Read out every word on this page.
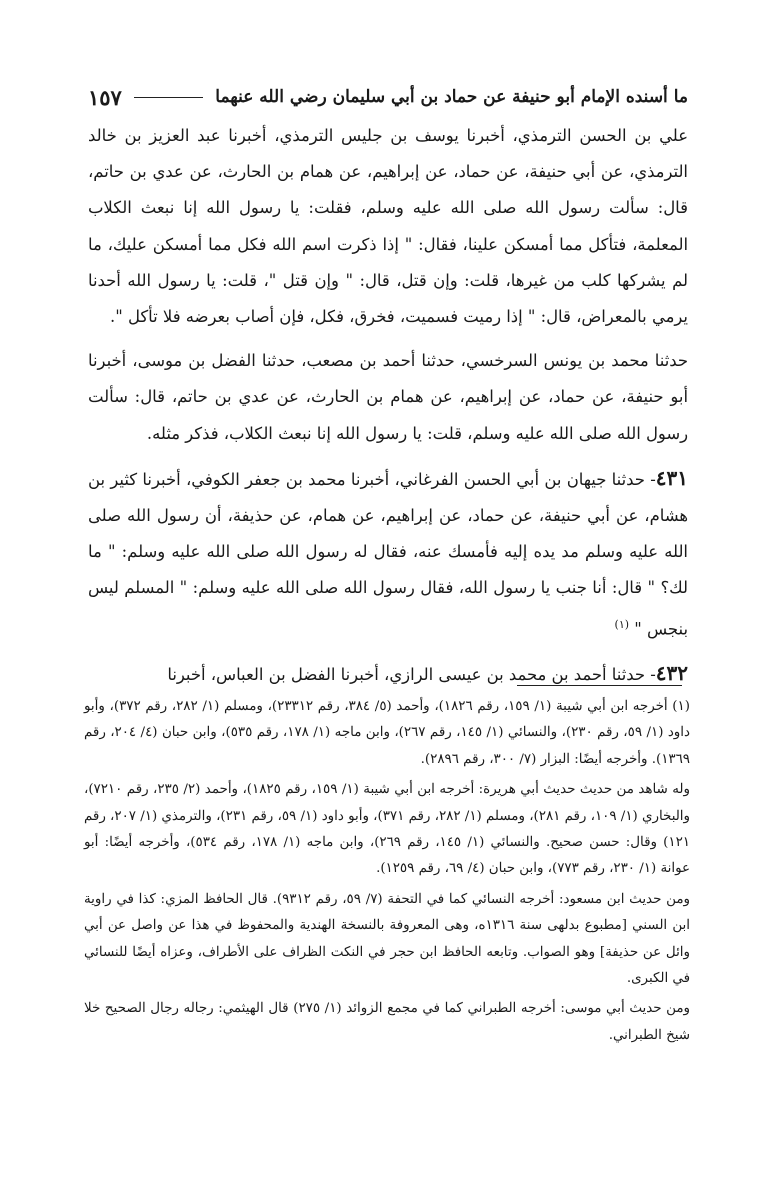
ما أسنده الإمام أبو حنيفة عن حماد بن أبي سليمان رضي الله عنهما
١٥٧

علي بن الحسن الترمذي، أخبرنا يوسف بن جليس الترمذي، أخبرنا عبد العزيز بن خالد الترمذي، عن أبي حنيفة، عن حماد، عن إبراهيم، عن همام بن الحارث، عن عدي بن حاتم، قال: سألت رسول الله صلى الله عليه وسلم، فقلت: يا رسول الله إنا نبعث الكلاب المعلمة، فتأكل مما أمسكن علينا، فقال: " إذا ذكرت اسم الله فكل مما أمسكن عليك، ما لم يشركها كلب من غيرها، قلت: وإن قتل، قال: " وإن قتل "، قلت: يا رسول الله أحدنا يرمي بالمعراض، قال: " إذا رميت فسميت، فخرق، فكل، فإن أصاب بعرضه فلا تأكل ".

حدثنا محمد بن يونس السرخسي، حدثنا أحمد بن مصعب، حدثنا الفضل بن موسى، أخبرنا أبو حنيفة، عن حماد، عن إبراهيم، عن همام بن الحارث، عن عدي بن حاتم، قال: سألت رسول الله صلى الله عليه وسلم، قلت: يا رسول الله إنا نبعث الكلاب، فذكر مثله.

٤٣١- حدثنا جيهان بن أبي الحسن الفرغاني، أخبرنا محمد بن جعفر الكوفي، أخبرنا كثير بن هشام، عن أبي حنيفة، عن حماد، عن إبراهيم، عن همام، عن حذيفة، أن رسول الله صلى الله عليه وسلم مد يده إليه فأمسك عنه، فقال له رسول الله صلى الله عليه وسلم: " ما لك؟ " قال: أنا جنب يا رسول الله، فقال رسول الله صلى الله عليه وسلم: " المسلم ليس بنجس " $^{(١)}$

٤٣٢- حدثنا أحمد بن محمد بن عيسى الرازي، أخبرنا الفضل بن العباس، أخبرنا

(١) أخرجه ابن أبي شيبة (١/ ١٥٩، رقم ١٨٢٦)، وأحمد (٥/ ٣٨٤، رقم ٢٣٣١٢)، ومسلم (١/ ٢٨٢، رقم ٣٧٢)، وأبو داود (١/ ٥٩، رقم ٢٣٠)، والنسائي (١/ ١٤٥، رقم ٢٦٧)، وابن ماجه (١/ ١٧٨، رقم ٥٣٥)، وابن حبان (٤/ ٢٠٤، رقم ١٣٦٩). وأخرجه أيضًا: البزار (٧/ ٣٠٠، رقم ٢٨٩٦).

وله شاهد من حديث حديث أبي هريرة: أخرجه ابن أبي شيبة (١/ ١٥٩، رقم ١٨٢٥)، وأحمد (٢/ ٢٣٥، رقم ٧٢١٠)، والبخاري (١/ ١٠٩، رقم ٢٨١)، ومسلم (١/ ٢٨٢، رقم ٣٧١)، وأبو داود (١/ ٥٩، رقم ٢٣١)، والترمذي (١/ ٢٠٧، رقم ١٢١) وقال: حسن صحيح. والنسائي (١/ ١٤٥، رقم ٢٦٩)، وابن ماجه (١/ ١٧٨، رقم ٥٣٤)، وأخرجه أيضًا: أبو عوانة (١/ ٢٣٠، رقم ٧٧٣)، وابن حبان (٤/ ٦٩، رقم ١٢٥٩).

ومن حديث ابن مسعود: أخرجه النسائي كما في التحفة (٧/ ٥٩، رقم ٩٣١٢). قال الحافظ المزي: كذا في راوية ابن السني [مطبوع بدلهى سنة ١٣١٦ه، وهى المعروفة بالنسخة الهندية والمحفوظ في هذا عن واصل عن أبي وائل عن حذيفة] وهو الصواب. وتابعه الحافظ ابن حجر في النكت الظراف على الأطراف، وعزاه أيضًا للنسائي في الكبرى.

ومن حديث أبي موسى: أخرجه الطبراني كما في مجمع الزوائد (١/ ٢٧٥) قال الهيثمي: رجاله رجال الصحيح خلا شيخ الطبراني.
